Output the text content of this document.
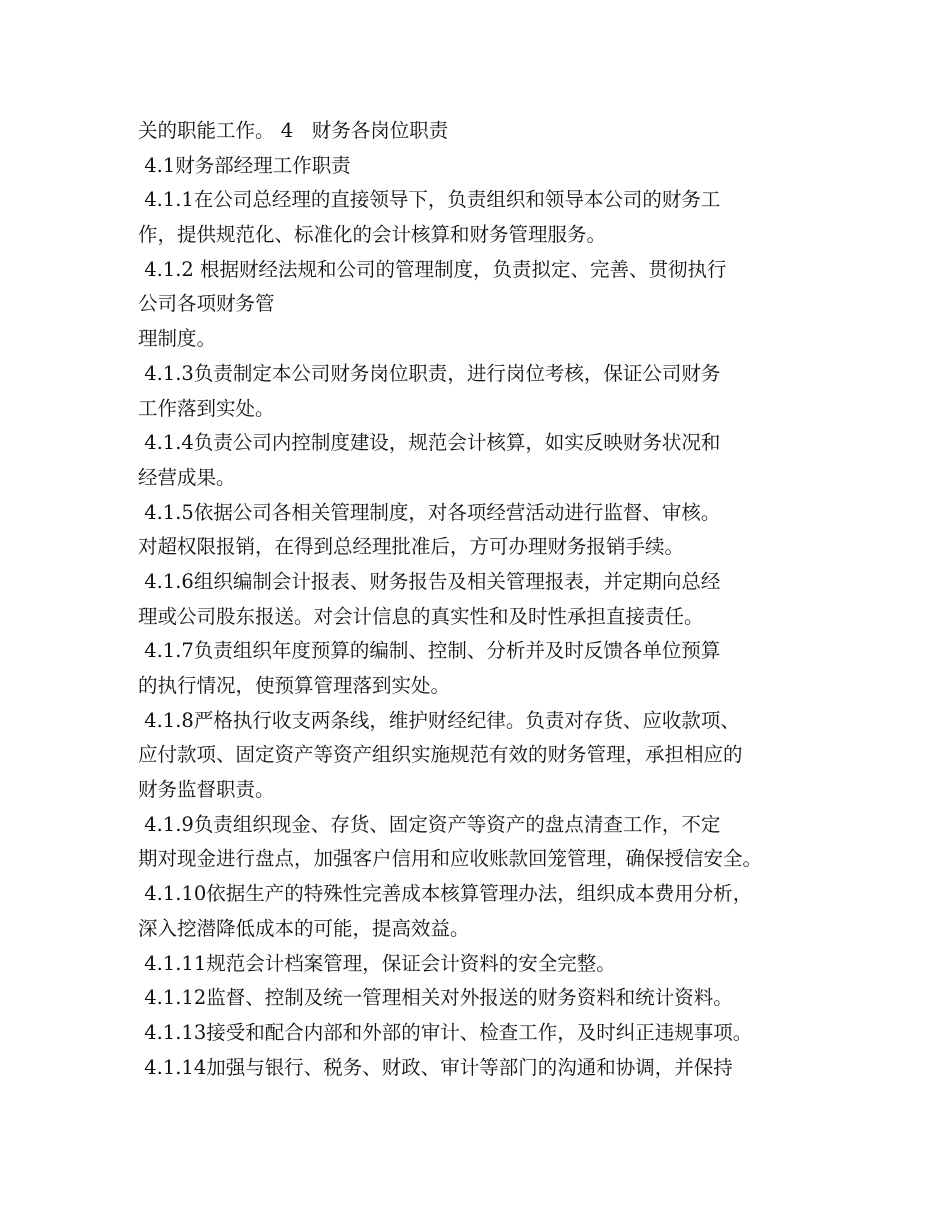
关的职能工作。 4   财务各岗位职责
4.1财务部经理工作职责
4.1.1在公司总经理的直接领导下，负责组织和领导本公司的财务工
作，提供规范化、标准化的会计核算和财务管理服务。
4.1.2 根据财经法规和公司的管理制度，负责拟定、完善、贯彻执行
公司各项财务管
理制度。
4.1.3负责制定本公司财务岗位职责，进行岗位考核，保证公司财务
工作落到实处。
4.1.4负责公司内控制度建设，规范会计核算，如实反映财务状况和
经营成果。
4.1.5依据公司各相关管理制度，对各项经营活动进行监督、审核。
对超权限报销，在得到总经理批准后，方可办理财务报销手续。
4.1.6组织编制会计报表、财务报告及相关管理报表，并定期向总经
理或公司股东报送。对会计信息的真实性和及时性承担直接责任。
4.1.7负责组织年度预算的编制、控制、分析并及时反馈各单位预算
的执行情况，使预算管理落到实处。
4.1.8严格执行收支两条线，维护财经纪律。负责对存货、应收款项、
应付款项、固定资产等资产组织实施规范有效的财务管理，承担相应的
财务监督职责。
4.1.9负责组织现金、存货、固定资产等资产的盘点清查工作，不定
期对现金进行盘点，加强客户信用和应收账款回笼管理，确保授信安全。
4.1.10依据生产的特殊性完善成本核算管理办法，组织成本费用分析，
深入挖潜降低成本的可能，提高效益。
4.1.11规范会计档案管理，保证会计资料的安全完整。
4.1.12监督、控制及统一管理相关对外报送的财务资料和统计资料。
4.1.13接受和配合内部和外部的审计、检查工作，及时纠正违规事项。
4.1.14加强与银行、税务、财政、审计等部门的沟通和协调，并保持
